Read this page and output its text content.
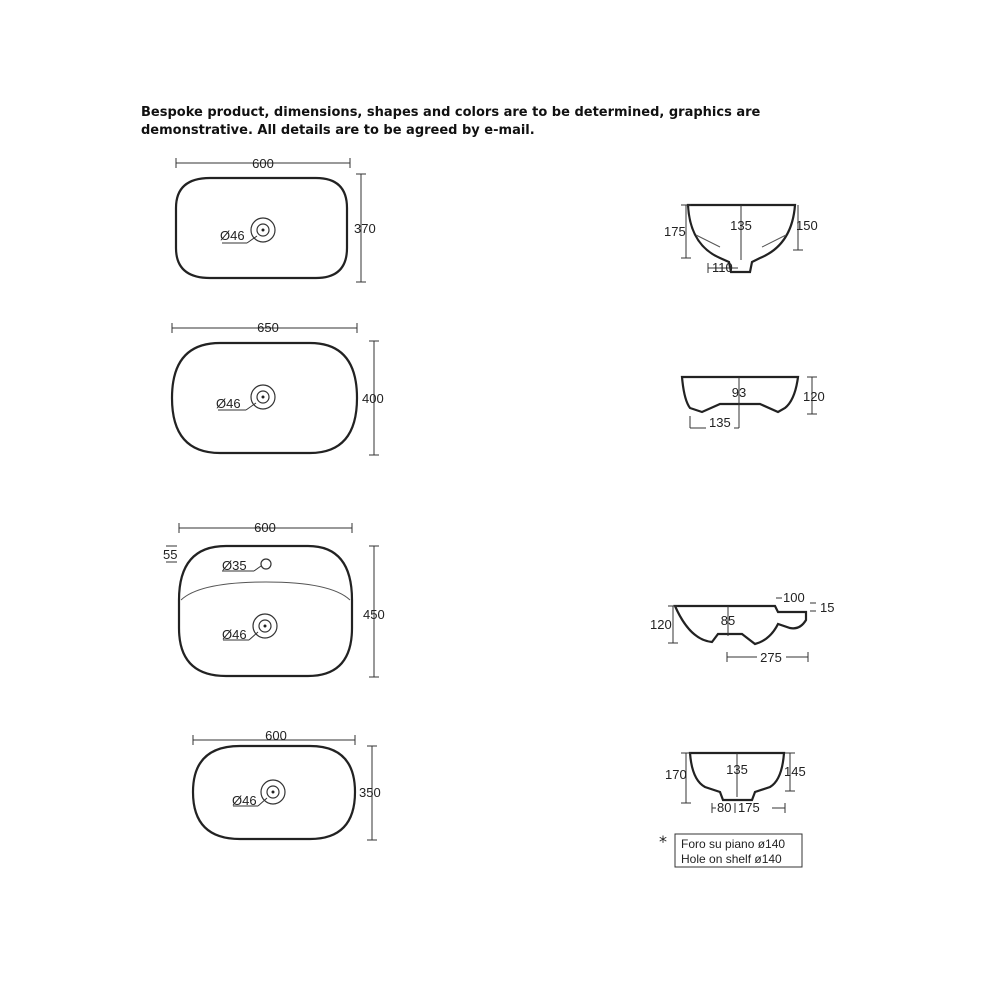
Bespoke product, dimensions, shapes and colors are to be determined, graphics are

demonstrative. All details are to be agreed by e-mail.

600
370
Ø46
135
175	150
110
650
400
Ø46
93	120
135
600
450
55
Ø35
Ø46
85
120
100
15
275
600
350
Ø46
135
170	145
80 175
* Foro su piano ø140
Hole on shelf ø140
